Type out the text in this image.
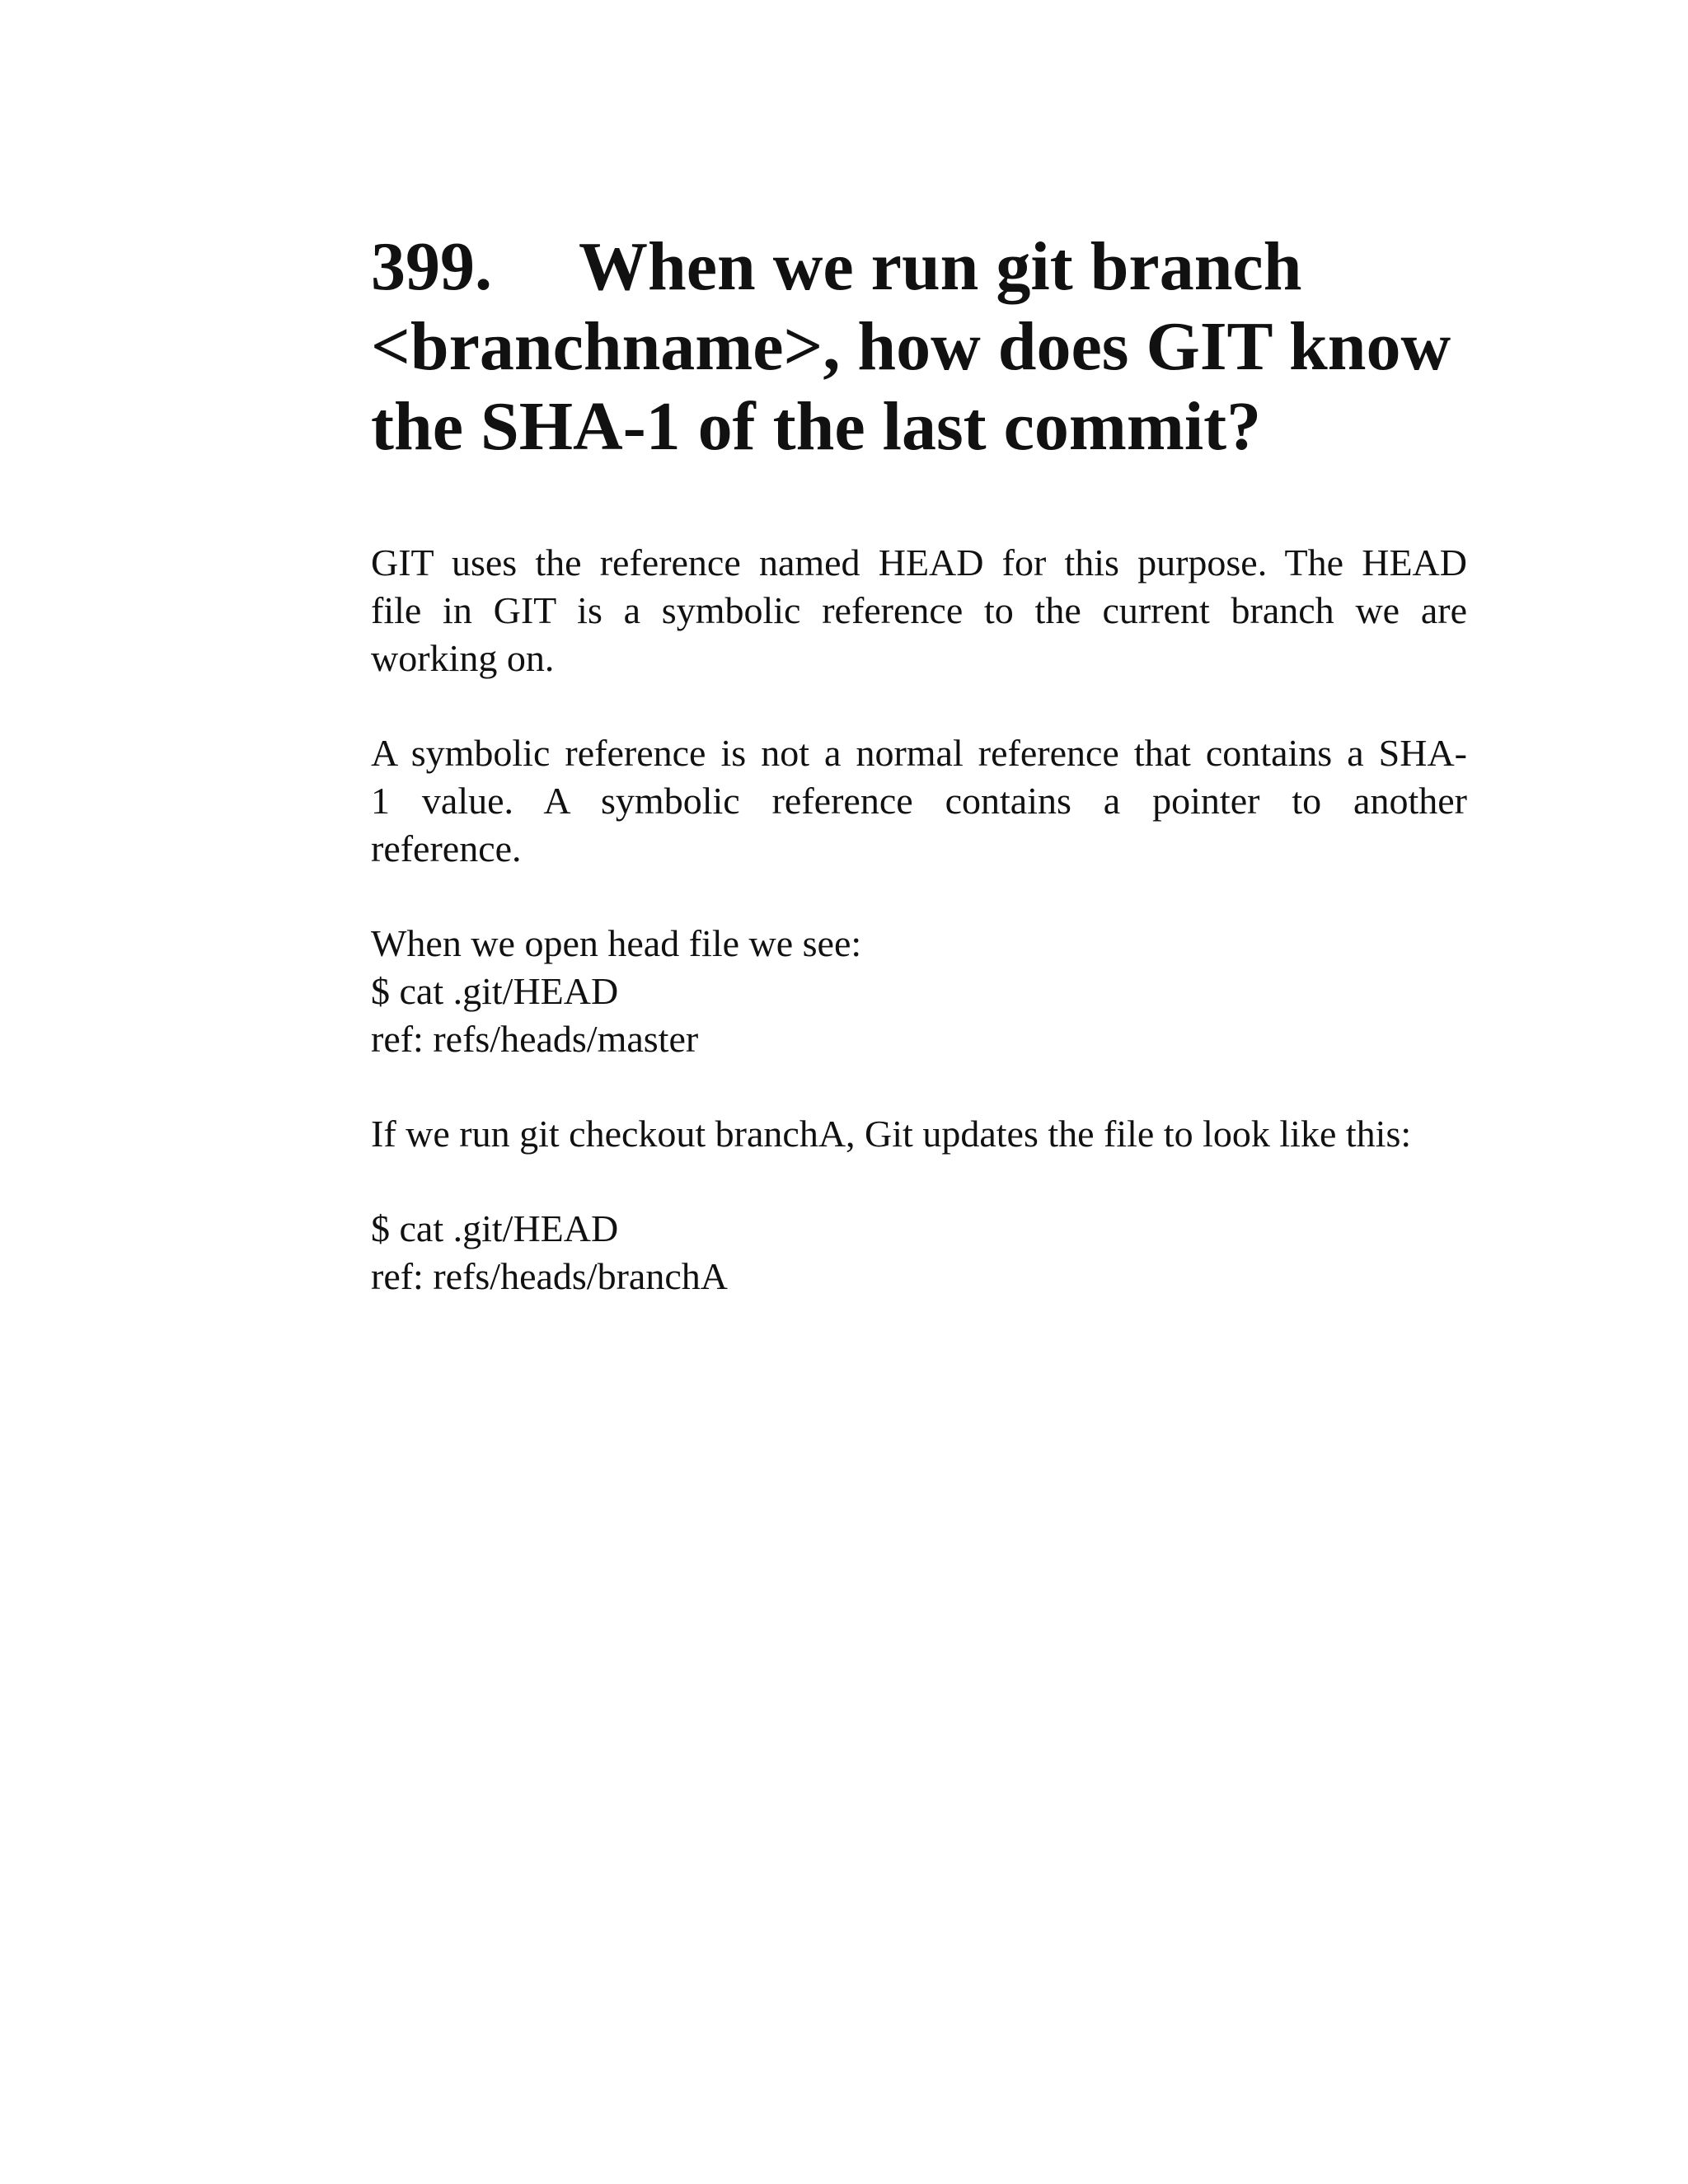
399. When we run git branch
<branchname>, how does GIT know
the SHA-1 of the last commit?

GIT uses the reference named HEAD for this purpose. The HEAD
file in GIT is a symbolic reference to the current branch we are
working on.

A symbolic reference is not a normal reference that contains a SHA-
1 value. A symbolic reference contains a pointer to another
reference.

When we open head file we see:
$ cat .git/HEAD
ref: refs/heads/master

If we run git checkout branchA, Git updates the file to look like this:

$ cat .git/HEAD
ref: refs/heads/branchA
